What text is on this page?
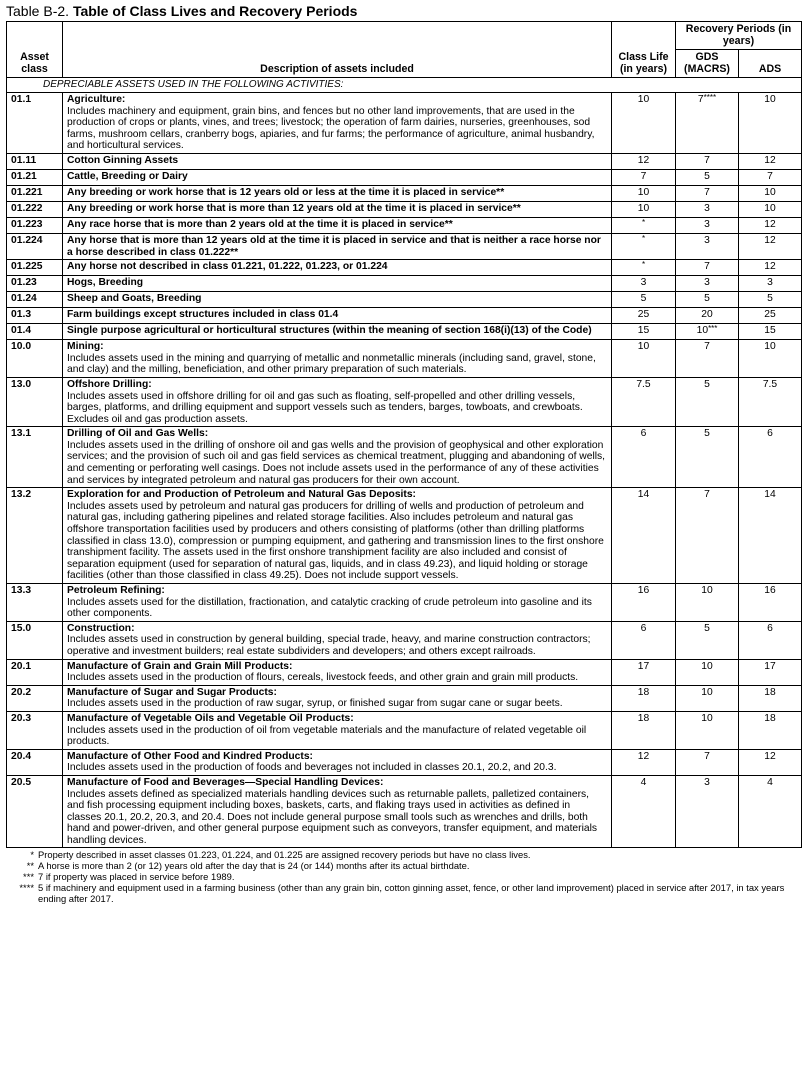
Table B-2. Table of Class Lives and Recovery Periods
Asset class	Description of assets included	Class Life (in years)	Recovery Periods (in years)	
			GDS (MACRS)	ADS
DEPRECIABLE ASSETS USED IN THE FOLLOWING ACTIVITIES:				
01.1	Agriculture:
Includes machinery and equipment, grain bins, and fences but no other land improvements, that are used in the production of crops or plants, vines, and trees; livestock; the operation of farm dairies, nurseries, greenhouses, sod farms, mushroom cellars, cranberry bogs, apiaries, and fur farms; the performance of agriculture, animal husbandry, and horticultural services.	10	7****	10
01.11	Cotton Ginning Assets	12	7	12
01.21	Cattle, Breeding or Dairy	7	5	7
01.221	Any breeding or work horse that is 12 years old or less at the time it is placed in service**	10	7	10
01.222	Any breeding or work horse that is more than 12 years old at the time it is placed in service**	10	3	10
01.223	Any race horse that is more than 2 years old at the time it is placed in service**	*	3	12
01.224	Any horse that is more than 12 years old at the time it is placed in service and that is neither a race horse nor a horse described in class 01.222**	*	3	12
01.225	Any horse not described in class 01.221, 01.222, 01.223, or 01.224	*	7	12
01.23	Hogs, Breeding	3	3	3
01.24	Sheep and Goats, Breeding	5	5	5
01.3	Farm buildings except structures included in class 01.4	25	20	25
01.4	Single purpose agricultural or horticultural structures (within the meaning of section 168(i)(13) of the Code)	15	10***	15
10.0	Mining:
Includes assets used in the mining and quarrying of metallic and nonmetallic minerals (including sand, gravel, stone, and clay) and the milling, beneficiation, and other primary preparation of such materials.	10	7	10
13.0	Offshore Drilling:
Includes assets used in offshore drilling for oil and gas such as floating, self-propelled and other drilling vessels, barges, platforms, and drilling equipment and support vessels such as tenders, barges, towboats, and crewboats. Excludes oil and gas production assets.	7.5	5	7.5
13.1	Drilling of Oil and Gas Wells:
Includes assets used in the drilling of onshore oil and gas wells and the provision of geophysical and other exploration services; and the provision of such oil and gas field services as chemical treatment, plugging and abandoning of wells, and cementing or perforating well casings. Does not include assets used in the performance of any of these activities and services by integrated petroleum and natural gas producers for their own account.	6	5	6
13.2	Exploration for and Production of Petroleum and Natural Gas Deposits:
Includes assets used by petroleum and natural gas producers for drilling of wells and production of petroleum and natural gas, including gathering pipelines and related storage facilities. Also includes petroleum and natural gas offshore transportation facilities used by producers and others consisting of platforms (other than drilling platforms classified in class 13.0), compression or pumping equipment, and gathering and transmission lines to the first onshore transhipment facility. The assets used in the first onshore transhipment facility are also included and consist of separation equipment (used for separation of natural gas, liquids, and in class 49.23), and liquid holding or storage facilities (other than those classified in class 49.25). Does not include support vessels.	14	7	14
13.3	Petroleum Refining:
Includes assets used for the distillation, fractionation, and catalytic cracking of crude petroleum into gasoline and its other components.	16	10	16
15.0	Construction:
Includes assets used in construction by general building, special trade, heavy, and marine construction contractors; operative and investment builders; real estate subdividers and developers; and others except railroads.	6	5	6
20.1	Manufacture of Grain and Grain Mill Products:
Includes assets used in the production of flours, cereals, livestock feeds, and other grain and grain mill products.	17	10	17
20.2	Manufacture of Sugar and Sugar Products:
Includes assets used in the production of raw sugar, syrup, or finished sugar from sugar cane or sugar beets.	18	10	18
20.3	Manufacture of Vegetable Oils and Vegetable Oil Products:
Includes assets used in the production of oil from vegetable materials and the manufacture of related vegetable oil products.	18	10	18
20.4	Manufacture of Other Food and Kindred Products:
Includes assets used in the production of foods and beverages not included in classes 20.1, 20.2, and 20.3.	12	7	12
20.5	Manufacture of Food and Beverages—Special Handling Devices:
Includes assets defined as specialized materials handling devices such as returnable pallets, palletized containers, and fish processing equipment including boxes, baskets, carts, and flaking trays used in activities as defined in classes 20.1, 20.2, 20.3, and 20.4. Does not include general purpose small tools such as wrenches and drills, both hand and power-driven, and other general purpose equipment such as conveyors, transfer equipment, and materials handling devices.	4	3	4
* Property described in asset classes 01.223, 01.224, and 01.225 are assigned recovery periods but have no class lives.
** A horse is more than 2 (or 12) years old after the day that is 24 (or 144) months after its actual birthdate.
*** 7 if property was placed in service before 1989.
**** 5 if machinery and equipment used in a farming business (other than any grain bin, cotton ginning asset, fence, or other land improvement) placed in service after 2017, in tax years ending after 2017.
